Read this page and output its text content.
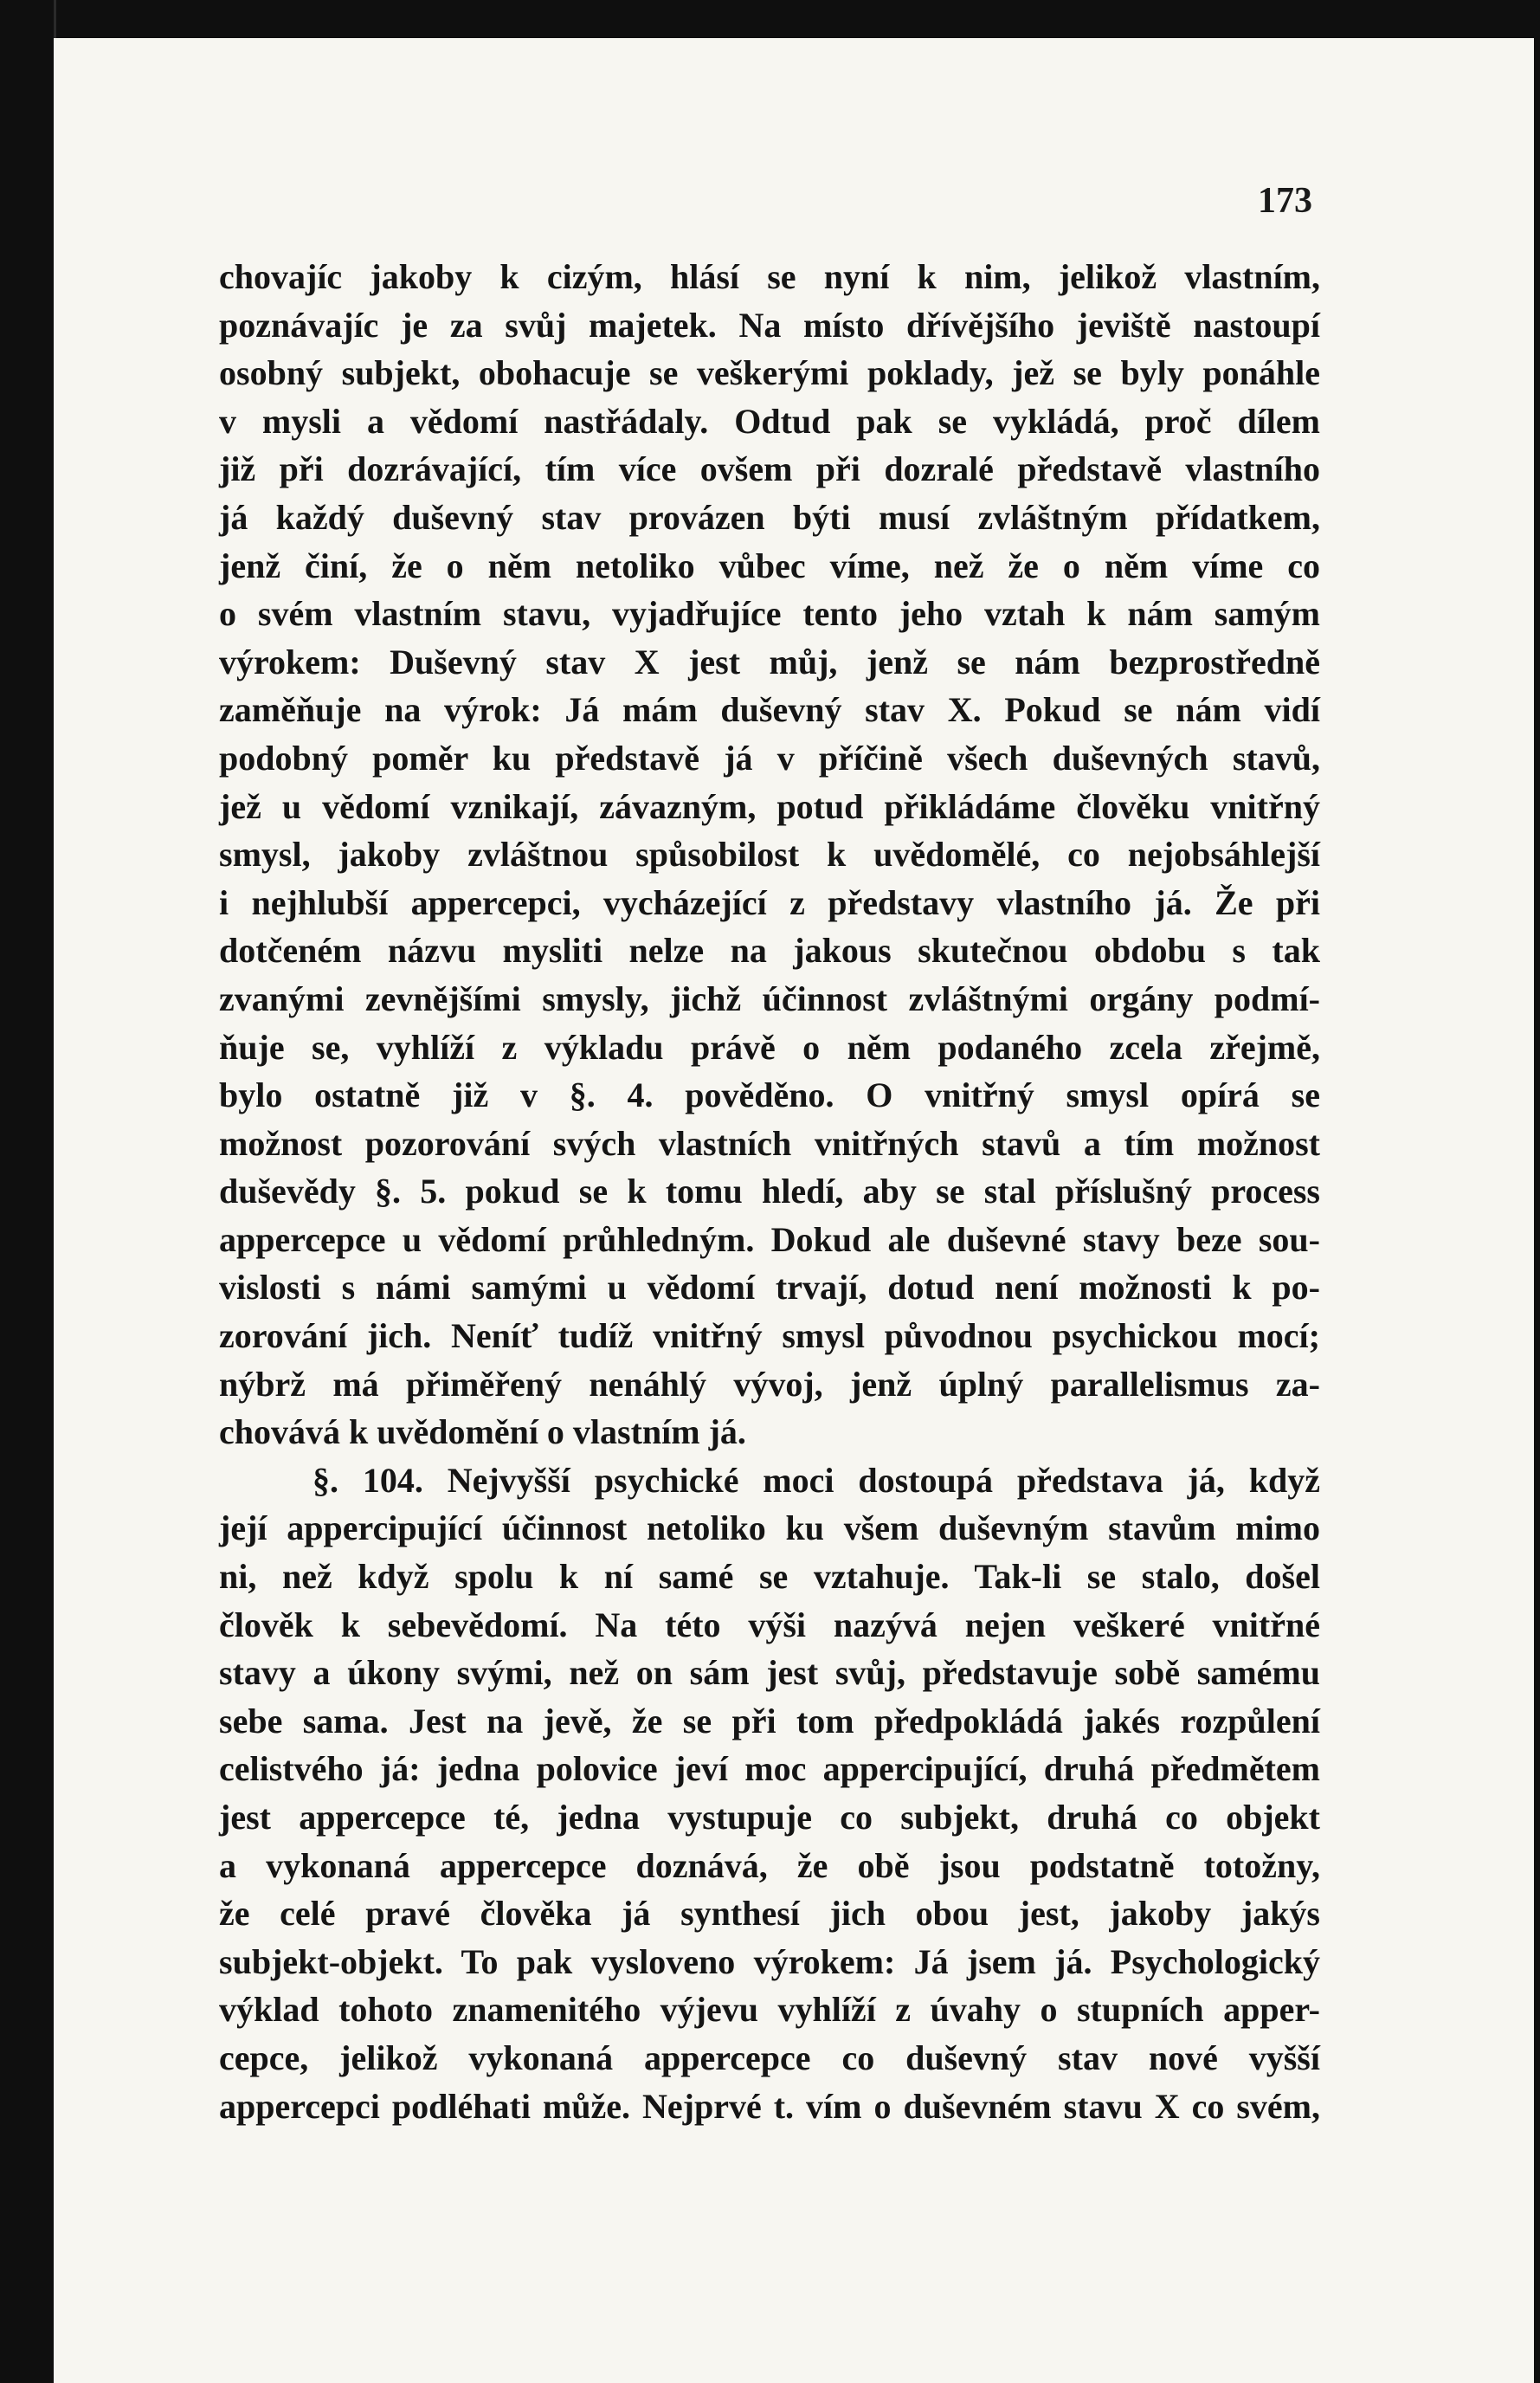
173

chovajíc jakoby k cizým, hlásí se nyní k nim, jelikož vlastním,
poznávajíc je za svůj majetek. Na místo dřívějšího jeviště nastoupí
osobný subjekt, obohacuje se veškerými poklady, jež se byly ponáhle
v mysli a vědomí nastřádaly. Odtud pak se vykládá, proč dílem
již při dozrávající, tím více ovšem při dozralé představě vlastního
já každý duševný stav provázen býti musí zvláštným přídatkem,
jenž činí, že o něm netoliko vůbec víme, než že o něm víme co
o svém vlastním stavu, vyjadřujíce tento jeho vztah k nám samým
výrokem: Duševný stav X jest můj, jenž se nám bezprostředně
zaměňuje na výrok: Já mám duševný stav X. Pokud se nám vidí
podobný poměr ku představě já v příčině všech duševných stavů,
jež u vědomí vznikají, závazným, potud přikládáme člověku vnitřný
smysl, jakoby zvláštnou spůsobilost k uvědomělé, co nejobsáhlejší
i nejhlubší appercepci, vycházející z představy vlastního já. Že při
dotčeném názvu mysliti nelze na jakous skutečnou obdobu s tak
zvanými zevnějšími smysly, jichž účinnost zvláštnými orgány podmí-
ňuje se, vyhlíží z výkladu právě o něm podaného zcela zřejmě,
bylo ostatně již v §. 4. pověděno. O vnitřný smysl opírá se
možnost pozorování svých vlastních vnitřných stavů a tím možnost
duševědy §. 5. pokud se k tomu hledí, aby se stal příslušný process
appercepce u vědomí průhledným. Dokud ale duševné stavy beze sou-
vislosti s námi samými u vědomí trvají, dotud není možnosti k po-
zorování jich. Neníť tudíž vnitřný smysl původnou psychickou mocí;
nýbrž má přiměřený nenáhlý vývoj, jenž úplný parallelismus za-
chovává k uvědomění o vlastním já.
§. 104. Nejvyšší psychické moci dostoupá představa já, když
její appercipující účinnost netoliko ku všem duševným stavům mimo
ni, než když spolu k ní samé se vztahuje. Tak-li se stalo, došel
člověk k sebevědomí. Na této výši nazývá nejen veškeré vnitřné
stavy a úkony svými, než on sám jest svůj, představuje sobě samému
sebe sama. Jest na jevě, že se při tom předpokládá jakés rozpůlení
celistvého já: jedna polovice jeví moc appercipující, druhá předmětem
jest appercepce té, jedna vystupuje co subjekt, druhá co objekt
a vykonaná appercepce doznává, že obě jsou podstatně totožny,
že celé pravé člověka já synthesí jich obou jest, jakoby jakýs
subjekt-objekt. To pak vysloveno výrokem: Já jsem já. Psychologický
výklad tohoto znamenitého výjevu vyhlíží z úvahy o stupních apper-
cepce, jelikož vykonaná appercepce co duševný stav nové vyšší
appercepci podléhati může. Nejprvé t. vím o duševném stavu X co svém,
